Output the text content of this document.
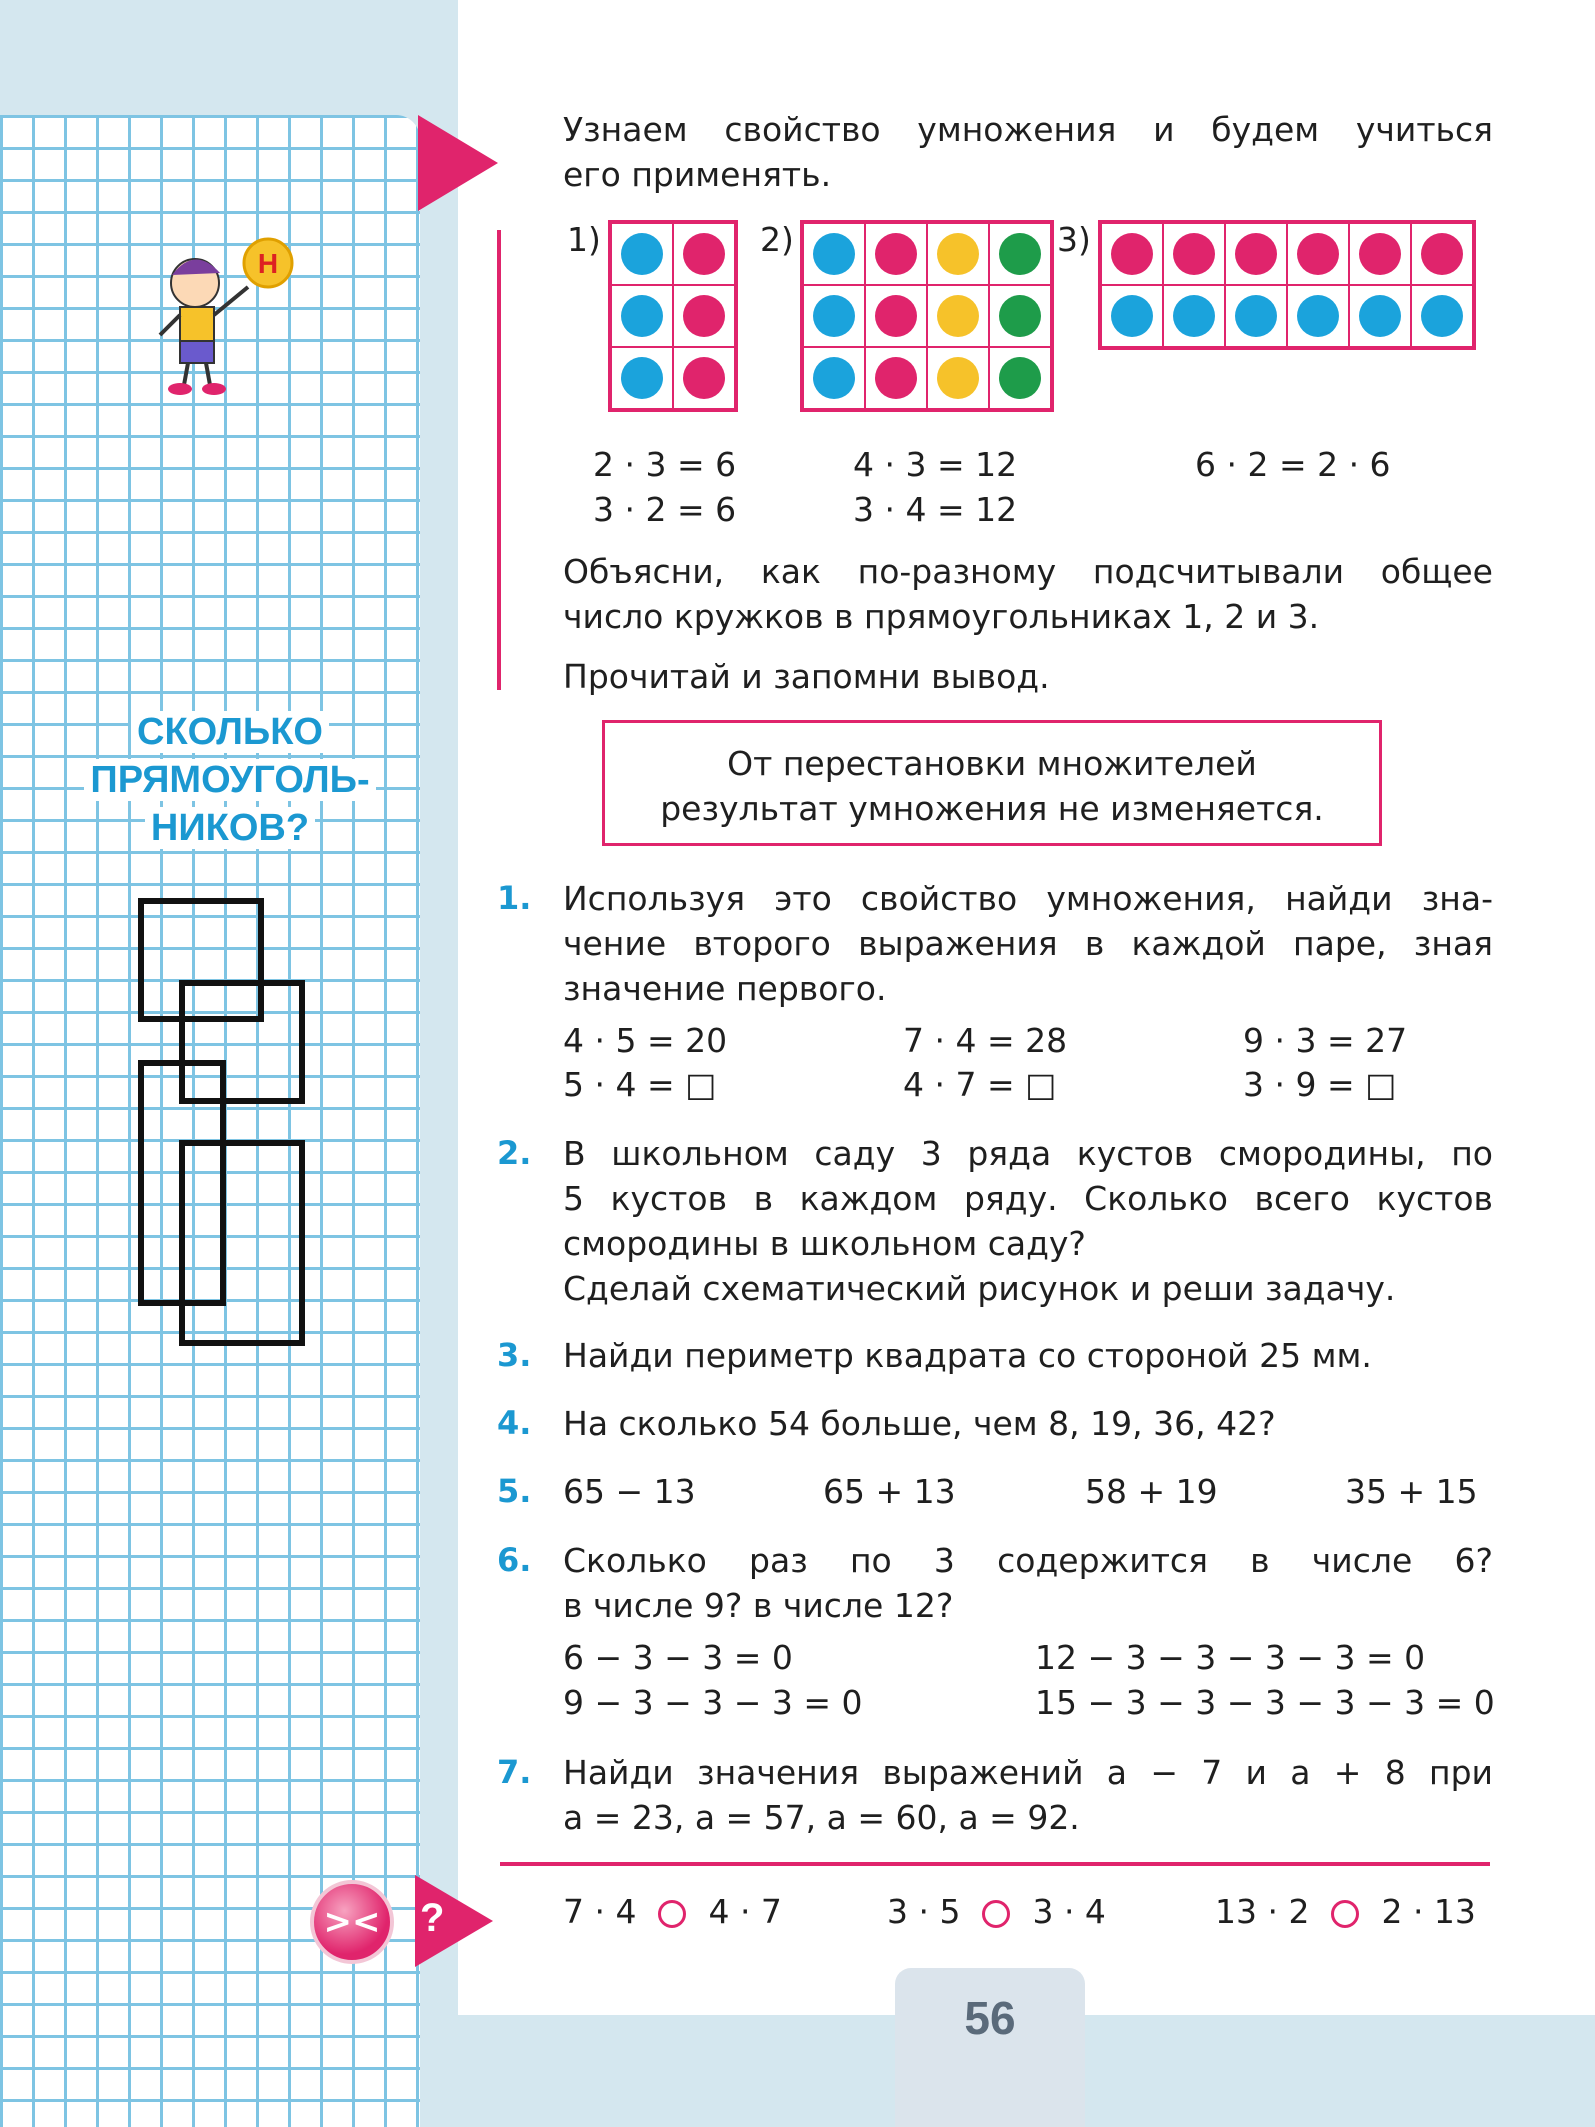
Н
СКОЛЬКО
ПРЯМОУГОЛЬ-
НИКОВ?
Узнаем свойство умножения и будем учиться
его применять.
1)	2)	3)
2 · 3 = 6
3 · 2 = 6
4 · 3 = 12
3 · 4 = 12
6 · 2 = 2 · 6
Объясни, как по-разному подсчитывали общее
число кружков в прямоугольниках 1, 2 и 3.
Прочитай и запомни вывод.
От перестановки множителей
результат умножения не изменяется.
1. Используя это свойство умножения, найди зна-
чение второго выражения в каждой паре, зная
значение первого.
4 · 5 = 20
5 · 4 = □
7 · 4 = 28
4 · 7 = □
9 · 3 = 27
3 · 9 = □
2. В школьном саду 3 ряда кустов смородины, по
5 кустов в каждом ряду. Сколько всего кустов
смородины в школьном саду?
Сделай схематический рисунок и реши задачу.
3. Найди периметр квадрата со стороной 25 мм.
4. На сколько 54 больше, чем 8, 19, 36, 42?
5. 65 − 13	65 + 13	58 + 19	35 + 15
6. Сколько раз по 3 содержится в числе 6?
в числе 9? в числе 12?
6 − 3 − 3 = 0	12 − 3 − 3 − 3 − 3 = 0
9 − 3 − 3 − 3 = 0	15 − 3 − 3 − 3 − 3 − 3 = 0
7. Найди значения выражений a − 7 и a + 8 при
a = 23, a = 57, a = 60, a = 92.
>< ?	7 · 4 4 · 7	3 · 5 3 · 4	13 · 2 2 · 13
56
